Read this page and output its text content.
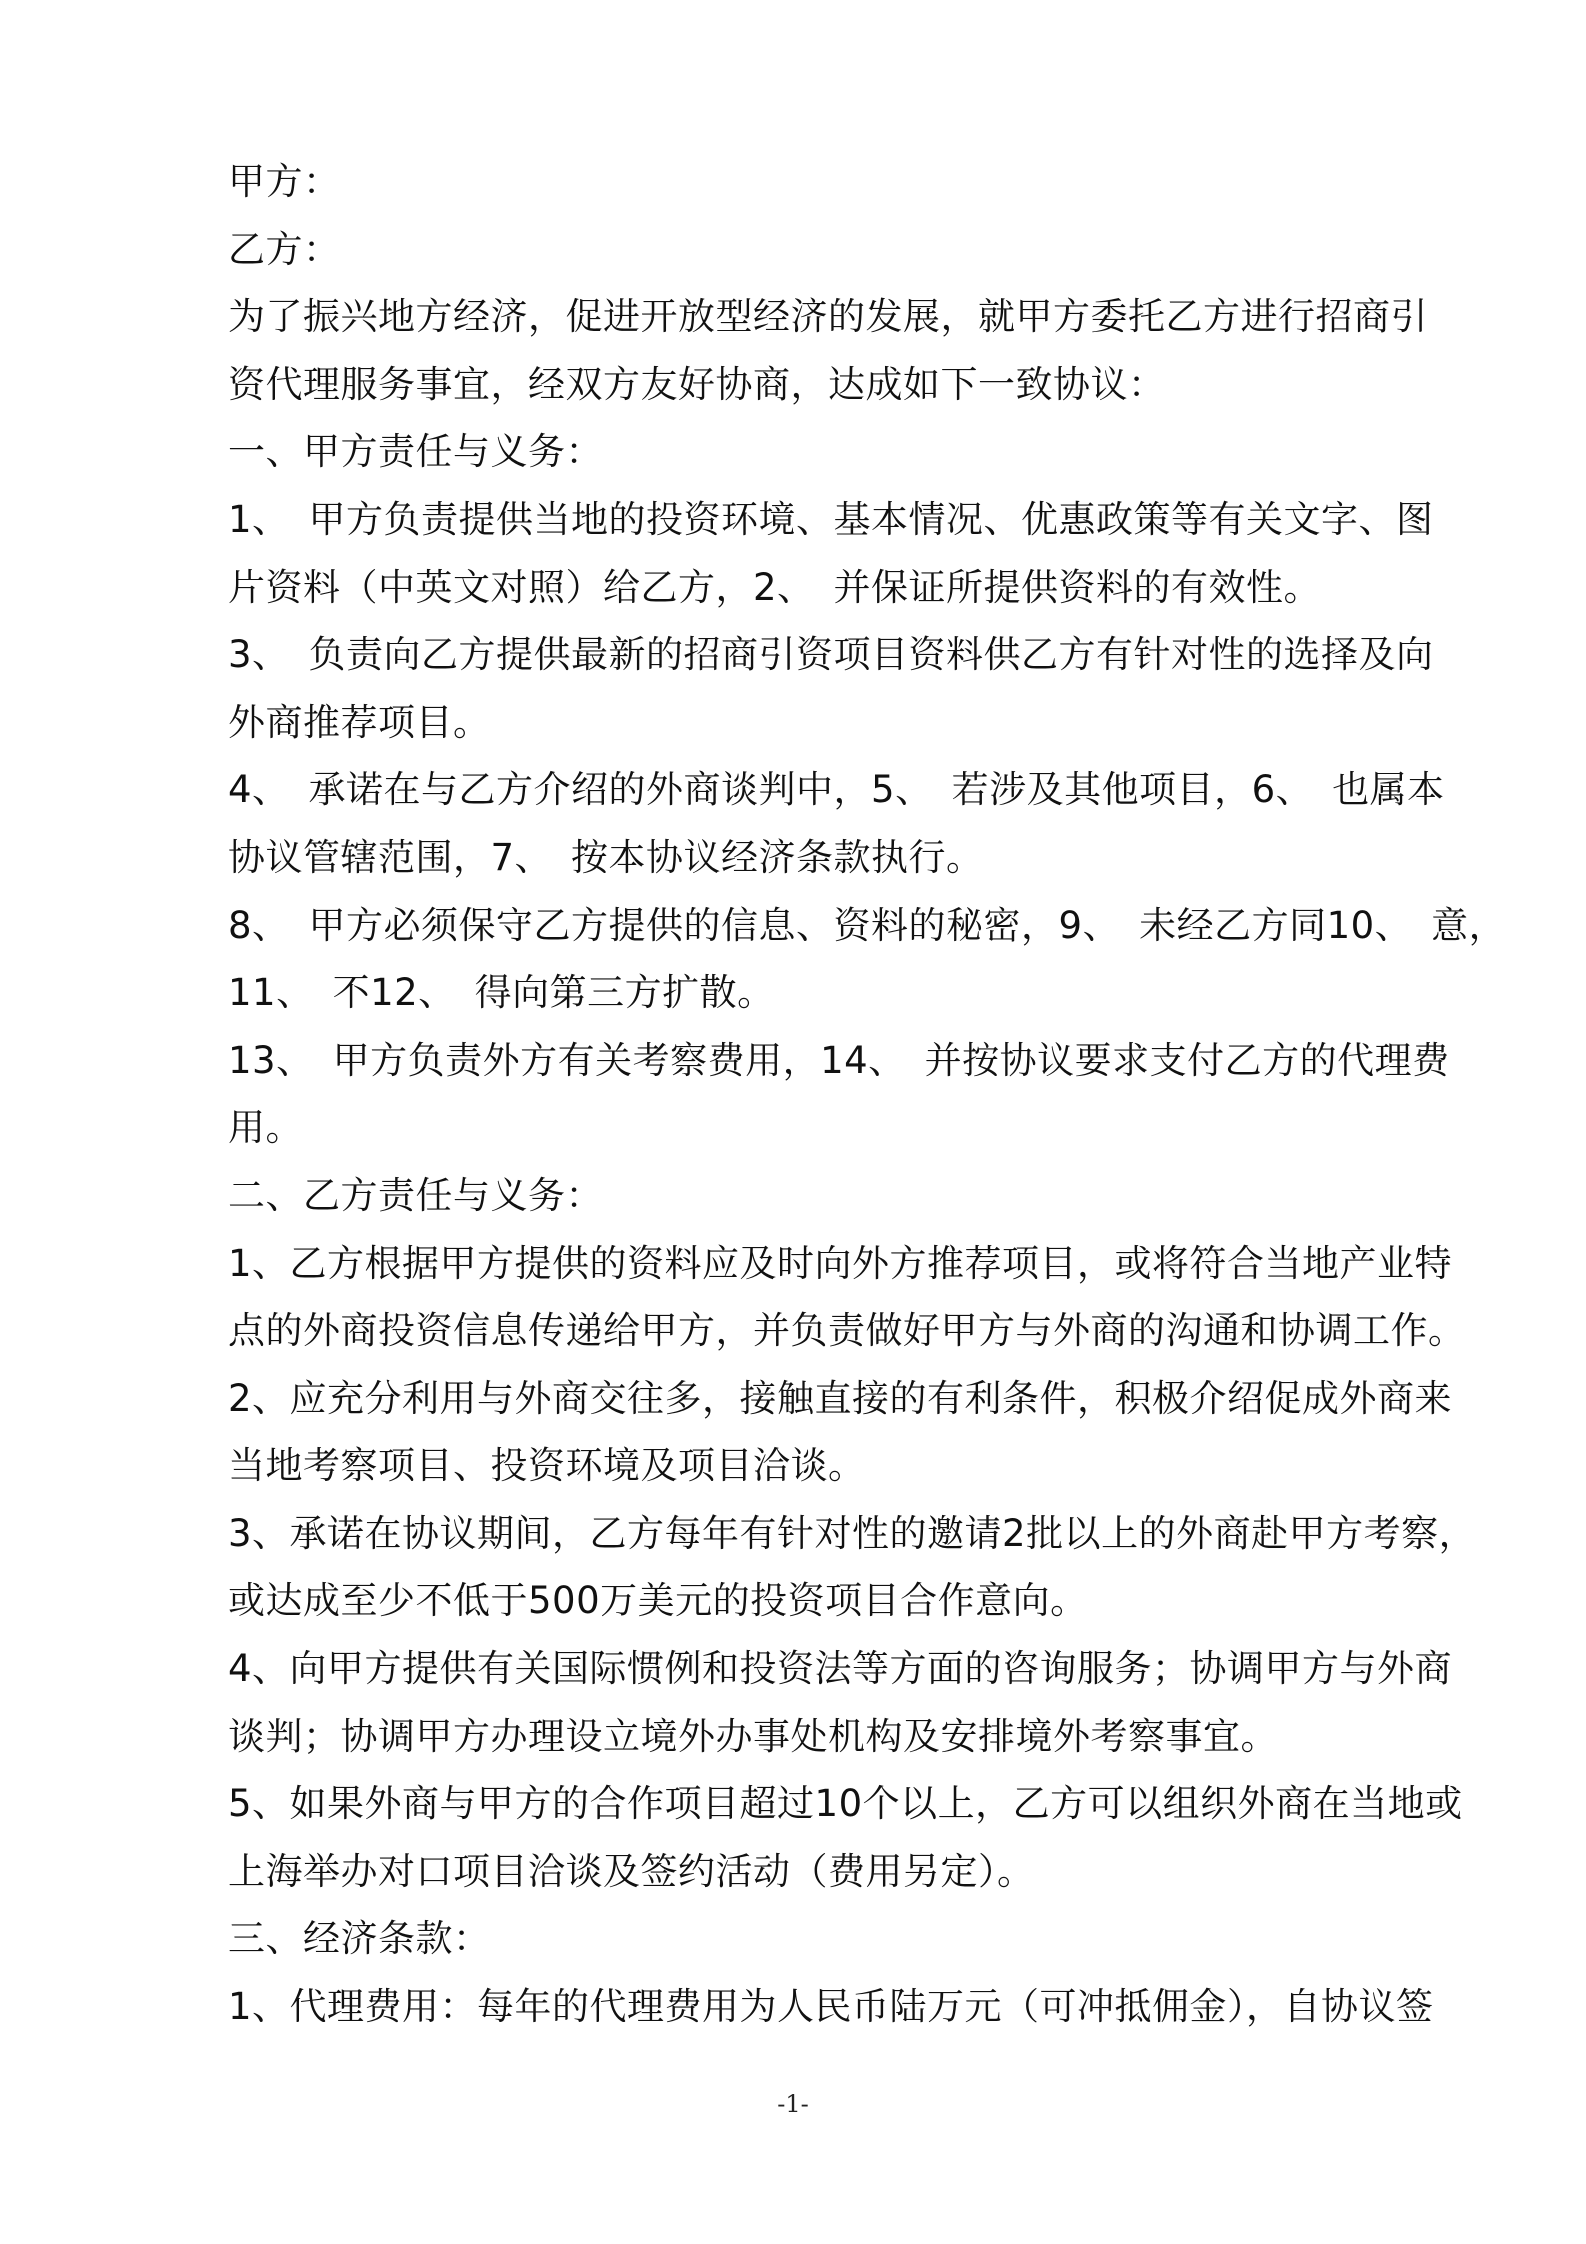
甲方：
乙方：
为了振兴地方经济，促进开放型经济的发展，就甲方委托乙方进行招商引
资代理服务事宜，经双方友好协商，达成如下一致协议：
一、甲方责任与义务：
1、　甲方负责提供当地的投资环境、基本情况、优惠政策等有关文字、图
片资料（中英文对照）给乙方，2、　并保证所提供资料的有效性。
3、　负责向乙方提供最新的招商引资项目资料供乙方有针对性的选择及向
外商推荐项目。
4、　承诺在与乙方介绍的外商谈判中，5、　若涉及其他项目，6、　也属本
协议管辖范围，7、　按本协议经济条款执行。
8、　甲方必须保守乙方提供的信息、资料的秘密，9、　未经乙方同10、　意，
11、　不12、　得向第三方扩散。
13、　甲方负责外方有关考察费用，14、　并按协议要求支付乙方的代理费
用。
二、乙方责任与义务：
1、乙方根据甲方提供的资料应及时向外方推荐项目，或将符合当地产业特
点的外商投资信息传递给甲方，并负责做好甲方与外商的沟通和协调工作。
2、应充分利用与外商交往多，接触直接的有利条件，积极介绍促成外商来
当地考察项目、投资环境及项目洽谈。
3、承诺在协议期间，乙方每年有针对性的邀请2批以上的外商赴甲方考察，
或达成至少不低于500万美元的投资项目合作意向。
4、向甲方提供有关国际惯例和投资法等方面的咨询服务；协调甲方与外商
谈判；协调甲方办理设立境外办事处机构及安排境外考察事宜。
5、如果外商与甲方的合作项目超过10个以上，乙方可以组织外商在当地或
上海举办对口项目洽谈及签约活动（费用另定）。
三、经济条款：
1、代理费用：每年的代理费用为人民币陆万元（可冲抵佣金），自协议签
-1-
